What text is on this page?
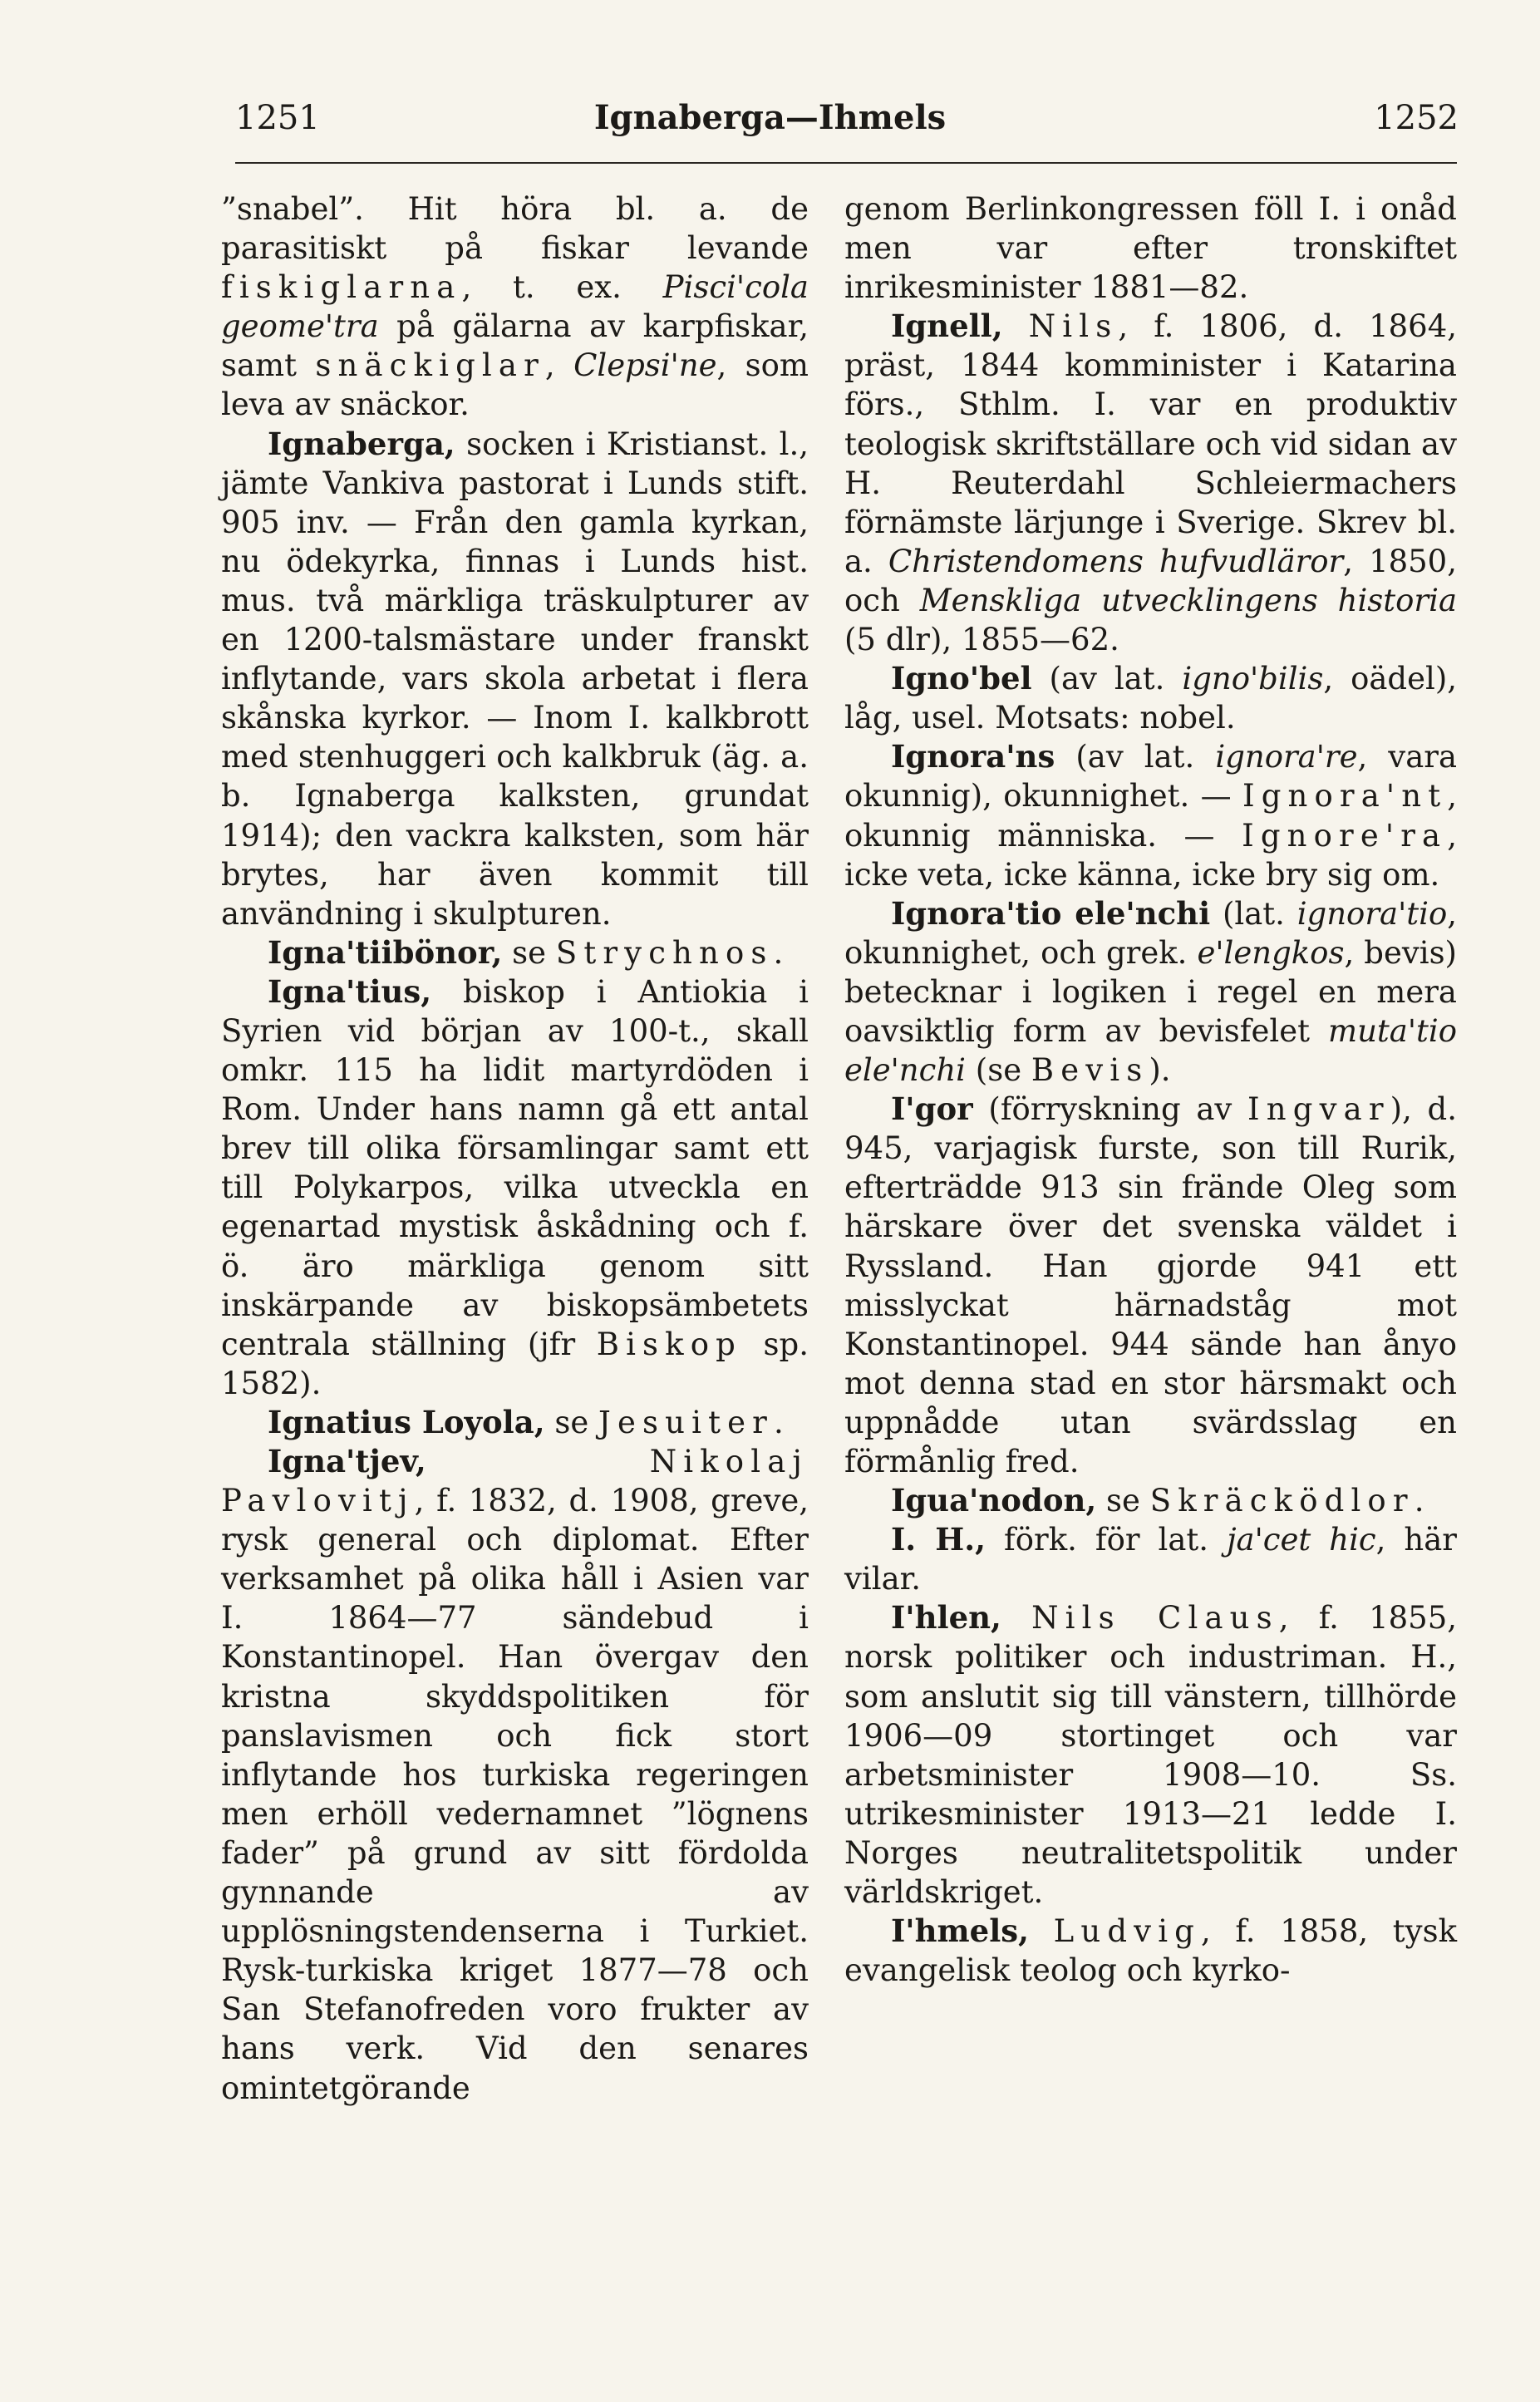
1251	Ignaberga—Ihmels	1252

”snabel”. Hit höra bl. a. de parasitiskt på fiskar levande fiskiglarna, t. ex. Pisci'cola geome'tra på gälarna av karpfiskar, samt snäckiglar, Clepsi'ne, som leva av snäckor.

Ignaberga, socken i Kristianst. l., jämte Vankiva pastorat i Lunds stift. 905 inv. — Från den gamla kyrkan, nu ödekyrka, finnas i Lunds hist. mus. två märkliga träskulpturer av en 1200-talsmästare under franskt inflytande, vars skola arbetat i flera skånska kyrkor. — Inom I. kalkbrott med stenhuggeri och kalkbruk (äg. a. b. Ignaberga kalksten, grundat 1914); den vackra kalksten, som här brytes, har även kommit till användning i skulpturen.

Igna'tiibönor, se Strychnos.

Igna'tius, biskop i Antiokia i Syrien vid början av 100-t., skall omkr. 115 ha lidit martyrdöden i Rom. Under hans namn gå ett antal brev till olika församlingar samt ett till Polykarpos, vilka utveckla en egenartad mystisk åskådning och f. ö. äro märkliga genom sitt inskärpande av biskopsämbetets centrala ställning (jfr Biskop sp. 1582).

Ignatius Loyola, se Jesuiter.

Igna'tjev,	Nikolaj Pavlovitj, f. 1832, d. 1908, greve, rysk general och diplomat. Efter verksamhet på olika håll i Asien var I. 1864—77 sändebud i Konstantinopel. Han övergav den kristna skyddspolitiken för panslavismen och fick stort inflytande hos turkiska regeringen men erhöll vedernamnet ”lögnens fader” på grund av sitt fördolda gynnande av upplösningstendenserna i Turkiet. Rysk-turkiska kriget 1877—78 och San Stefanofreden voro frukter av hans verk. Vid den senares omintetgörande

genom Berlinkongressen föll I. i onåd men var efter tronskiftet inrikesminister 1881—82.

Ignell, Nils, f. 1806, d. 1864, präst, 1844 komminister i Katarina förs., Sthlm. I. var en produktiv teologisk skriftställare och vid sidan av H. Reuterdahl Schleiermachers förnämste lärjunge i Sverige. Skrev bl. a. Christendomens hufvudläror, 1850, och Menskliga utvecklingens historia (5 dlr), 1855—62.

Igno'bel (av lat. igno'bilis, oädel), låg, usel. Motsats: nobel.

Ignora'ns (av lat. ignora're, vara okunnig), okunnighet. — Ignora'nt, okunnig människa. — Ignore'ra, icke veta, icke känna, icke bry sig om.

Ignora'tio ele'nchi (lat. ignora'tio, okunnighet, och grek. e'lengkos, bevis) betecknar i logiken i regel en mera oavsiktlig form av bevisfelet muta'tio ele'nchi (se Bevis).

I'gor (förryskning av Ingvar), d. 945, varjagisk furste, son till Rurik, efterträdde 913 sin frände Oleg som härskare över det svenska väldet i Ryssland. Han gjorde 941 ett misslyckat härnadståg mot Konstantinopel. 944 sände han ånyo mot denna stad en stor härsmakt och uppnådde utan svärdsslag en förmånlig fred.

Igua'nodon, se Skräcködlor.

I. H., förk. för lat. ja'cet hic, här vilar.

I'hlen, Nils Claus, f. 1855, norsk politiker och industriman. H., som anslutit sig till vänstern, tillhörde 1906—09 stortinget och var arbetsminister 1908—10. Ss. utrikesminister 1913—21 ledde I. Norges neutralitetspolitik under världskriget.

I'hmels, Ludvig, f. 1858, tysk evangelisk teolog och kyrko-
